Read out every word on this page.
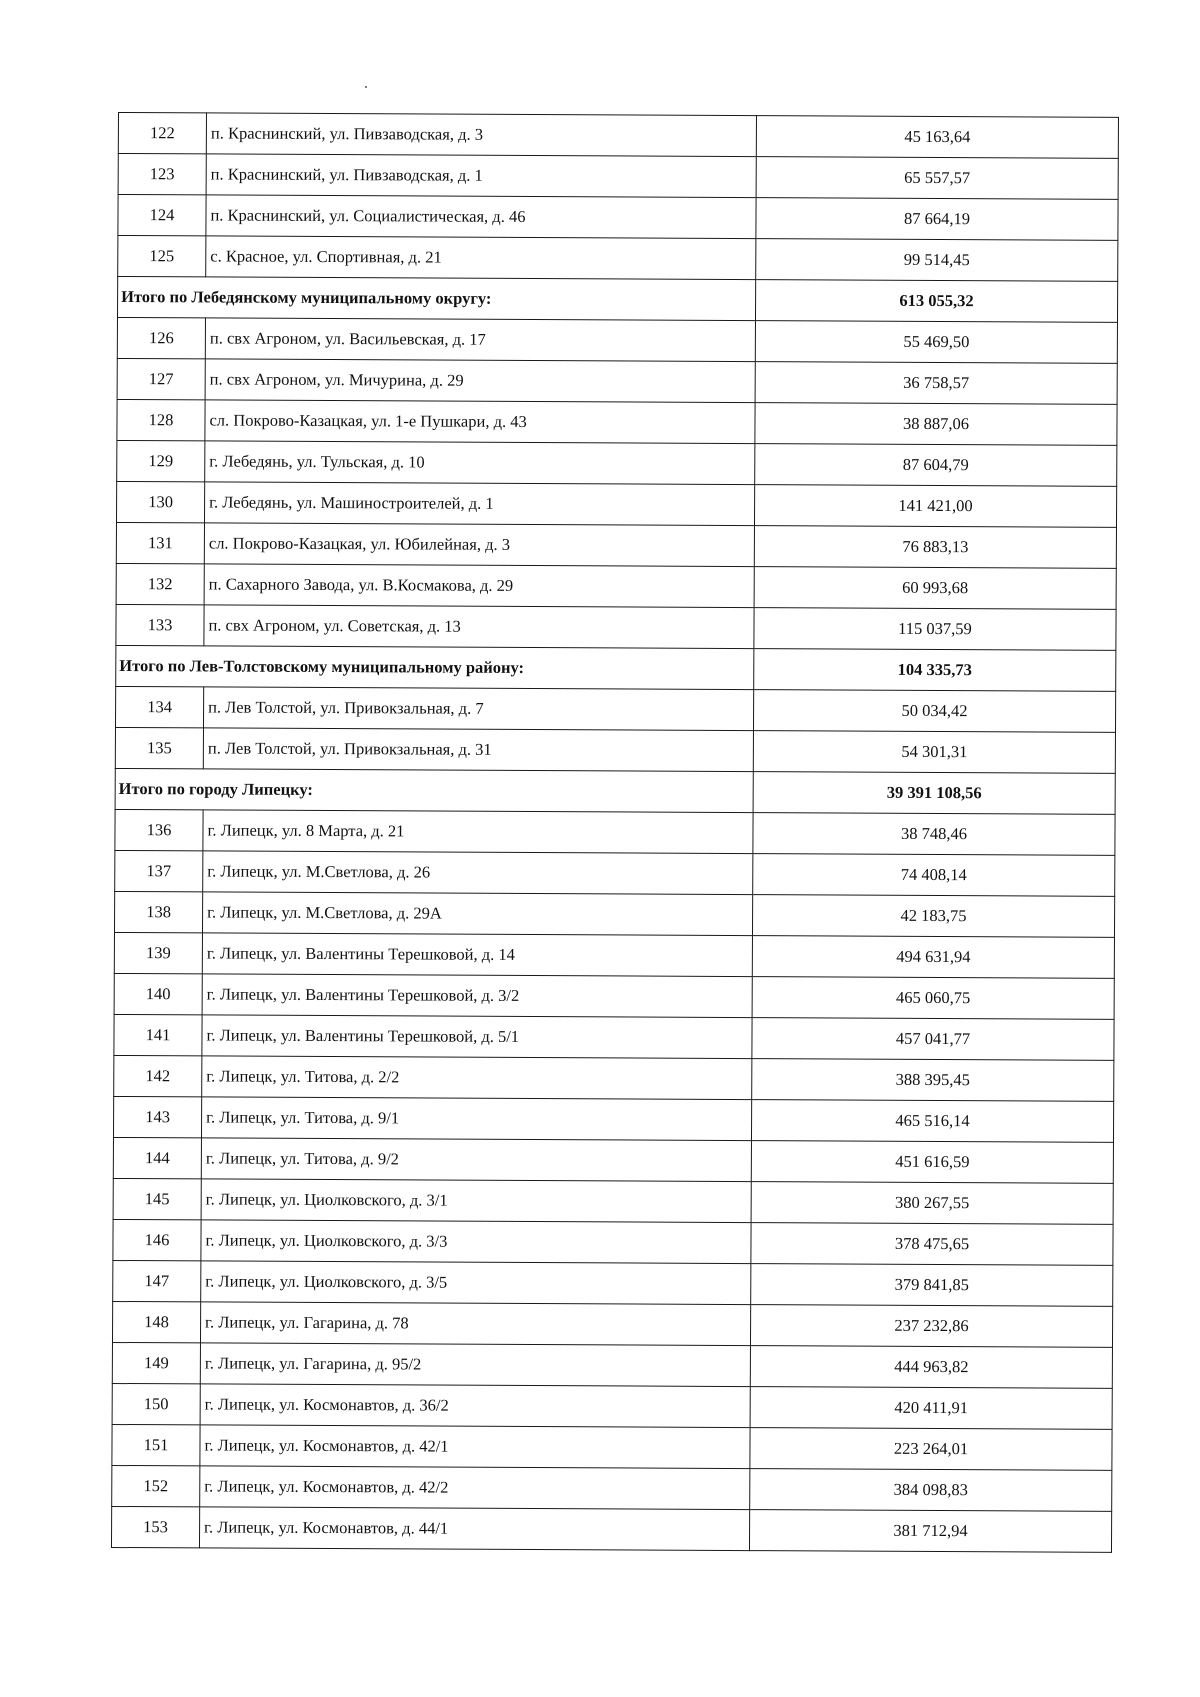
122	п. Краснинский, ул. Пивзаводская, д. 3	45 163,64
123	п. Краснинский, ул. Пивзаводская, д. 1	65 557,57
124	п. Краснинский, ул. Социалистическая, д. 46	87 664,19
125	с. Красное, ул. Спортивная, д. 21	99 514,45
Итого по Лебедянскому муниципальному округу:		613 055,32
126	п. свх Агроном, ул. Васильевская, д. 17	55 469,50
127	п. свх Агроном, ул. Мичурина, д. 29	36 758,57
128	сл. Покрово-Казацкая, ул. 1-е Пушкари, д. 43	38 887,06
129	г. Лебедянь, ул. Тульская, д. 10	87 604,79
130	г. Лебедянь, ул. Машиностроителей, д. 1	141 421,00
131	сл. Покрово-Казацкая, ул. Юбилейная, д. 3	76 883,13
132	п. Сахарного Завода, ул. В.Космакова, д. 29	60 993,68
133	п. свх Агроном, ул. Советская, д. 13	115 037,59
Итого по Лев-Толстовскому муниципальному району:		104 335,73
134	п. Лев Толстой, ул. Привокзальная, д. 7	50 034,42
135	п. Лев Толстой, ул. Привокзальная, д. 31	54 301,31
Итого по городу Липецку:		39 391 108,56
136	г. Липецк, ул. 8 Марта, д. 21	38 748,46
137	г. Липецк, ул. М.Светлова, д. 26	74 408,14
138	г. Липецк, ул. М.Светлова, д. 29А	42 183,75
139	г. Липецк, ул. Валентины Терешковой, д. 14	494 631,94
140	г. Липецк, ул. Валентины Терешковой, д. 3/2	465 060,75
141	г. Липецк, ул. Валентины Терешковой, д. 5/1	457 041,77
142	г. Липецк, ул. Титова, д. 2/2	388 395,45
143	г. Липецк, ул. Титова, д. 9/1	465 516,14
144	г. Липецк, ул. Титова, д. 9/2	451 616,59
145	г. Липецк, ул. Циолковского, д. 3/1	380 267,55
146	г. Липецк, ул. Циолковского, д. 3/3	378 475,65
147	г. Липецк, ул. Циолковского, д. 3/5	379 841,85
148	г. Липецк, ул. Гагарина, д. 78	237 232,86
149	г. Липецк, ул. Гагарина, д. 95/2	444 963,82
150	г. Липецк, ул. Космонавтов, д. 36/2	420 411,91
151	г. Липецк, ул. Космонавтов, д. 42/1	223 264,01
152	г. Липецк, ул. Космонавтов, д. 42/2	384 098,83
153	г. Липецк, ул. Космонавтов, д. 44/1	381 712,94
